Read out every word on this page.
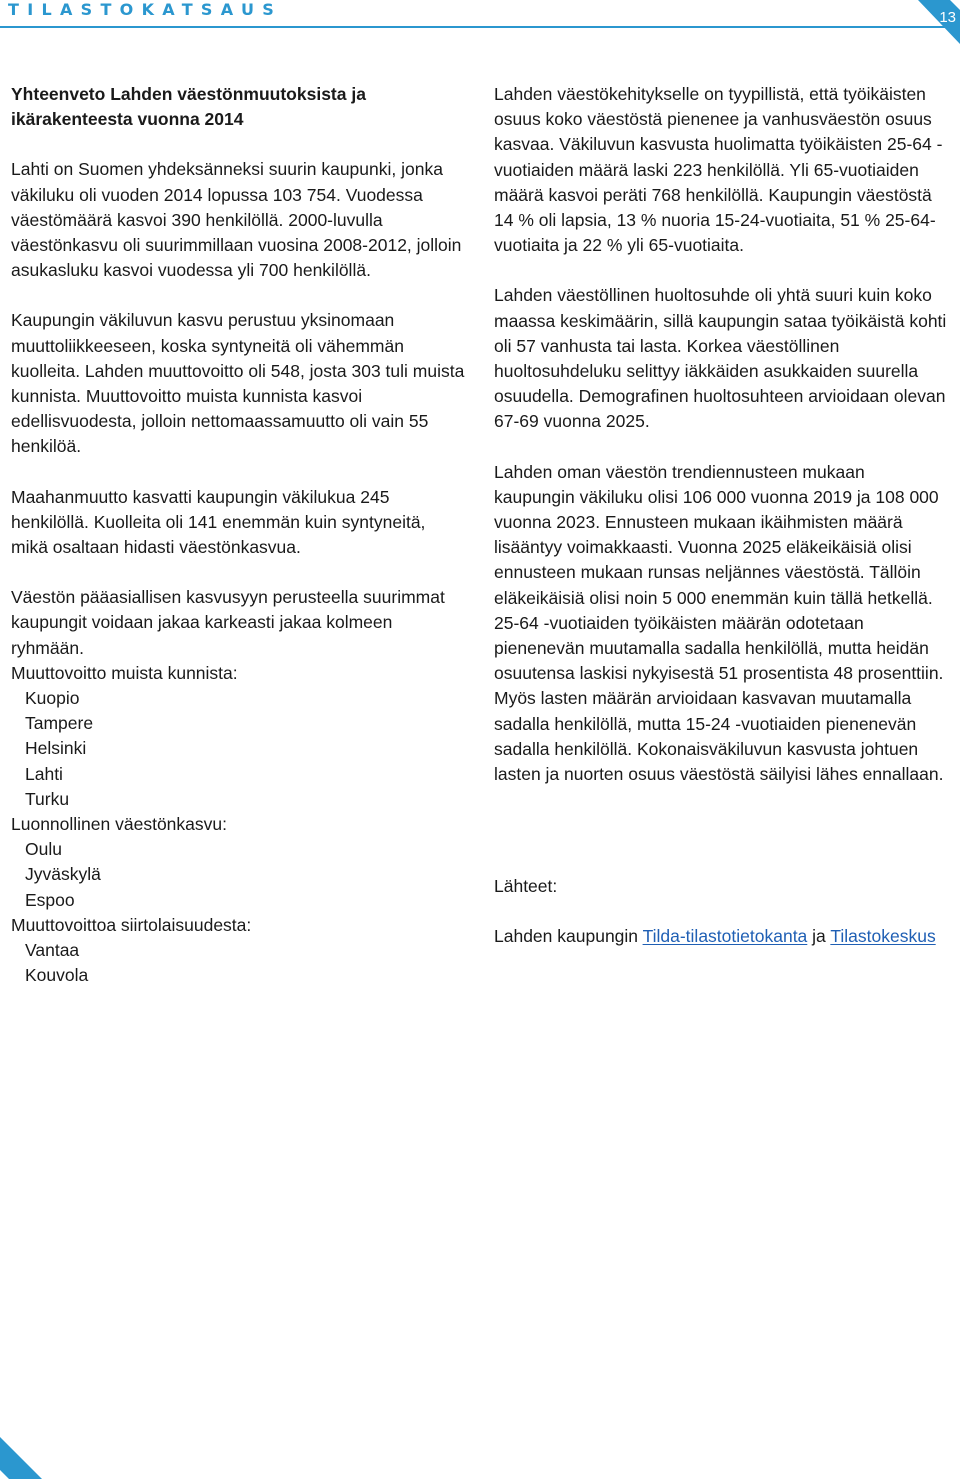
TILASTOKATSAUS	13

Yhteenveto Lahden väestönmuutoksista ja ikärakenteesta vuonna 2014

Lahti on Suomen yhdeksänneksi suurin kaupunki, jonka väkiluku oli vuoden 2014 lopussa 103 754. Vuodessa väestömäärä kasvoi 390 henkilöllä. 2000-luvulla väestönkasvu oli suurimmillaan vuosina 2008-2012, jolloin asukasluku kasvoi vuodessa yli 700 henkilöllä.

Kaupungin väkiluvun kasvu perustuu yksinomaan muuttoliikkeeseen, koska syntyneitä oli vähemmän kuolleita. Lahden muuttovoitto oli 548, josta 303 tuli muista kunnista. Muuttovoitto muista kunnista kasvoi edellisvuodesta, jolloin nettomaassamuutto oli vain 55 henkilöä.

Maahanmuutto kasvatti kaupungin väkilukua 245 henkilöllä. Kuolleita oli 141 enemmän kuin syntyneitä, mikä osaltaan hidasti väestönkasvua.

Väestön pääasiallisen kasvusyyn perusteella suurimmat kaupungit voidaan jakaa karkeasti jakaa kolmeen ryhmään.

Muuttovoitto muista kunnista:

Kuopio
Tampere
Helsinki
Lahti
Turku

Luonnollinen väestönkasvu:

Oulu
Jyväskylä
Espoo

Muuttovoittoa siirtolaisuudesta:

Vantaa
Kouvola

Lahden väestökehitykselle on tyypillistä, että työikäisten osuus koko väestöstä pienenee ja vanhusväestön osuus kasvaa. Väkiluvun kasvusta huolimatta työikäisten 25-64 -vuotiaiden määrä laski 223 henkilöllä. Yli 65-vuotiaiden määrä kasvoi peräti 768 henkilöllä. Kaupungin väestöstä 14 % oli lapsia, 13 % nuoria 15-24-vuotiaita, 51 % 25-64-vuotiaita ja 22 % yli 65-vuotiaita.

Lahden väestöllinen huoltosuhde oli yhtä suuri kuin koko maassa keskimäärin, sillä kaupungin sataa työikäistä kohti oli 57 vanhusta tai lasta. Korkea väestöllinen huoltosuhdeluku selittyy iäkkäiden asukkaiden suurella osuudella. Demografinen huoltosuhteen arvioidaan olevan 67-69 vuonna 2025.

Lahden oman väestön trendiennusteen mukaan kaupungin väkiluku olisi 106 000 vuonna 2019 ja 108 000 vuonna 2023. Ennusteen mukaan ikäihmisten määrä lisääntyy voimakkaasti. Vuonna 2025 eläkeikäisiä olisi ennusteen mukaan runsas neljännes väestöstä. Tällöin eläkeikäisiä olisi noin 5 000 enemmän kuin tällä hetkellä. 25-64 -vuotiaiden työikäisten määrän odotetaan pienenevän muutamalla sadalla henkilöllä, mutta heidän osuutensa laskisi nykyisestä 51 prosentista 48 prosenttiin. Myös lasten määrän arvioidaan kasvavan muutamalla sadalla henkilöllä, mutta 15-24 -vuotiaiden pienenevän sadalla henkilöllä. Kokonaisväkiluvun kasvusta johtuen lasten ja nuorten osuus väestöstä säilyisi lähes ennallaan.

Lähteet:

Lahden kaupungin Tilda-tilastotietokanta ja Tilastokeskus
